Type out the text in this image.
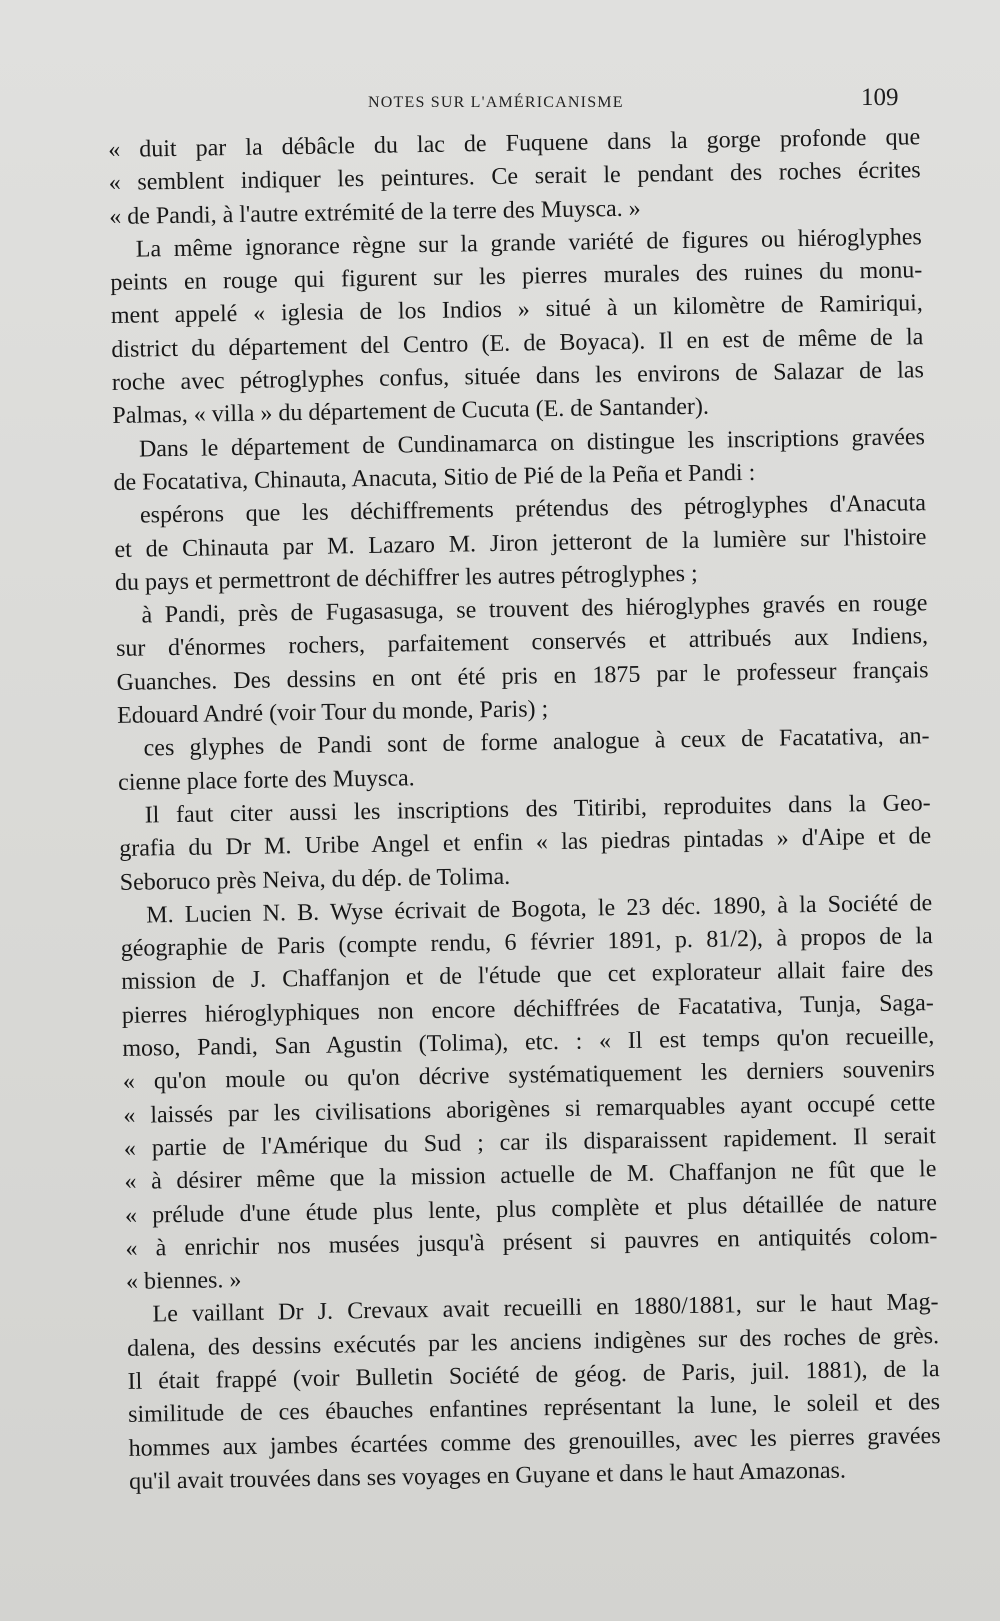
NOTES SUR L'AMÉRICANISME	109
« duit par la débâcle du lac de Fuquene dans la gorge profonde que
« semblent indiquer les peintures. Ce serait le pendant des roches écrites
« de Pandi, à l'autre extrémité de la terre des Muysca. »
La même ignorance règne sur la grande variété de figures ou hiéroglyphes
peints en rouge qui figurent sur les pierres murales des ruines du monu-
ment appelé « iglesia de los Indios » situé à un kilomètre de Ramiriqui,
district du département del Centro (E. de Boyaca). Il en est de même de la
roche avec pétroglyphes confus, située dans les environs de Salazar de las
Palmas, « villa » du département de Cucuta (E. de Santander).
Dans le département de Cundinamarca on distingue les inscriptions gravées
de Focatativa, Chinauta, Anacuta, Sitio de Pié de la Peña et Pandi :
espérons que les déchiffrements prétendus des pétroglyphes d'Anacuta
et de Chinauta par M. Lazaro M. Jiron jetteront de la lumière sur l'histoire
du pays et permettront de déchiffrer les autres pétroglyphes ;
à Pandi, près de Fugasasuga, se trouvent des hiéroglyphes gravés en rouge
sur d'énormes rochers, parfaitement conservés et attribués aux Indiens,
Guanches. Des dessins en ont été pris en 1875 par le professeur français
Edouard André (voir Tour du monde, Paris) ;
ces glyphes de Pandi sont de forme analogue à ceux de Facatativa, an-
cienne place forte des Muysca.
Il faut citer aussi les inscriptions des Titiribi, reproduites dans la Geo-
grafia du Dr M. Uribe Angel et enfin « las piedras pintadas » d'Aipe et de
Seboruco près Neiva, du dép. de Tolima.
M. Lucien N. B. Wyse écrivait de Bogota, le 23 déc. 1890, à la Société de
géographie de Paris (compte rendu, 6 février 1891, p. 81/2), à propos de la
mission de J. Chaffanjon et de l'étude que cet explorateur allait faire des
pierres hiéroglyphiques non encore déchiffrées de Facatativa, Tunja, Saga-
moso, Pandi, San Agustin (Tolima), etc. : « Il est temps qu'on recueille,
« qu'on moule ou qu'on décrive systématiquement les derniers souvenirs
« laissés par les civilisations aborigènes si remarquables ayant occupé cette
« partie de l'Amérique du Sud ; car ils disparaissent rapidement. Il serait
« à désirer même que la mission actuelle de M. Chaffanjon ne fût que le
« prélude d'une étude plus lente, plus complète et plus détaillée de nature
« à enrichir nos musées jusqu'à présent si pauvres en antiquités colom-
« biennes. »
Le vaillant Dr J. Crevaux avait recueilli en 1880/1881, sur le haut Mag-
dalena, des dessins exécutés par les anciens indigènes sur des roches de grès.
Il était frappé (voir Bulletin Société de géog. de Paris, juil. 1881), de la
similitude de ces ébauches enfantines représentant la lune, le soleil et des
hommes aux jambes écartées comme des grenouilles, avec les pierres gravées
qu'il avait trouvées dans ses voyages en Guyane et dans le haut Amazonas.
